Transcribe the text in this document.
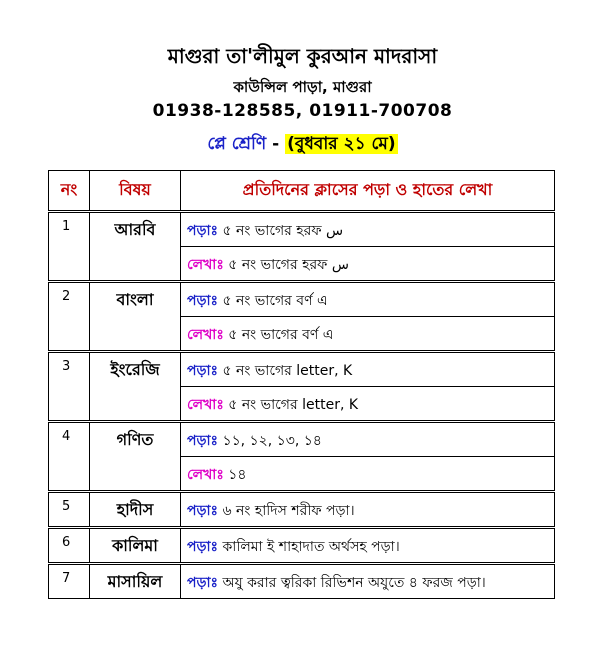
মাগুরা তা'লীমুল কুরআন মাদরাসা
কাউন্সিল পাড়া, মাগুরা
01938-128585, 01911-700708
প্লে শ্রেণি - (বুধবার ২১ মে)
নং	বিষয়	প্রতিদিনের ক্লাসের পড়া ও হাতের লেখা
1	আরবি	পড়াঃ ৫ নং ভাগের হরফ س
		লেখাঃ ৫ নং ভাগের হরফ س
2	বাংলা	পড়াঃ ৫ নং ভাগের বর্ণ এ
		লেখাঃ ৫ নং ভাগের বর্ণ এ
3	ইংরেজি	পড়াঃ ৫ নং ভাগের letter, K
		লেখাঃ ৫ নং ভাগের letter, K
4	গণিত	পড়াঃ ১১, ১২, ১৩, ১৪
		লেখাঃ ১৪
5	হাদীস	পড়াঃ ৬ নং হাদিস শরীফ পড়া।
6	কালিমা	পড়াঃ কালিমা ই শাহাদাত অর্থসহ পড়া।
7	মাসায়িল	পড়াঃ অযু করার ত্বরিকা রিভিশন অযুতে ৪ ফরজ পড়া।
